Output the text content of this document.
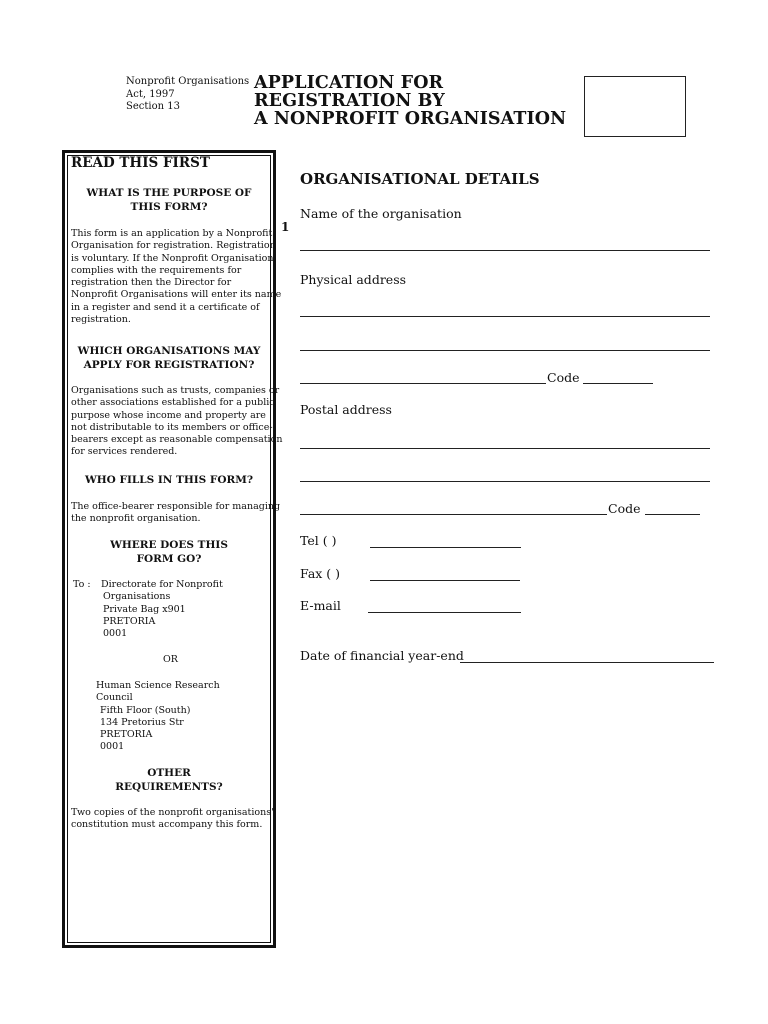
Nonprofit Organisations
Act, 1997
Section 13
APPLICATION FOR
REGISTRATION BY
A NONPROFIT ORGANISATION
READ THIS FIRST
WHAT IS THE PURPOSE OF
THIS FORM?
This form is an application by a Nonprofit
Organisation for registration. Registration
is voluntary. If the Nonprofit Organisation
complies with the requirements for
registration then the Director for
Nonprofit Organisations will enter its name
in a register and send it a certificate of
registration.
WHICH ORGANISATIONS MAY
APPLY FOR REGISTRATION?
Organisations such as trusts, companies or
other associations established for a public
purpose whose income and property are
not distributable to its members or office-
bearers except as reasonable compensation
for services rendered.
WHO FILLS IN THIS FORM?
The office-bearer responsible for managing
the nonprofit organisation.
WHERE DOES THIS
FORM GO?
To : Directorate for Nonprofit
Organisations
Private Bag x901
PRETORIA
0001
OR
Human Science Research
Council
Fifth Floor (South)
134 Pretorius Str
PRETORIA
0001
OTHER
REQUIREMENTS?
Two copies of the nonprofit organisations'
constitution must accompany this form.
1
ORGANISATIONAL DETAILS
Name of the organisation
Physical address
Code
Postal address
Code
Tel ( )
Fax ( )
E-mail
Date of financial year-end
